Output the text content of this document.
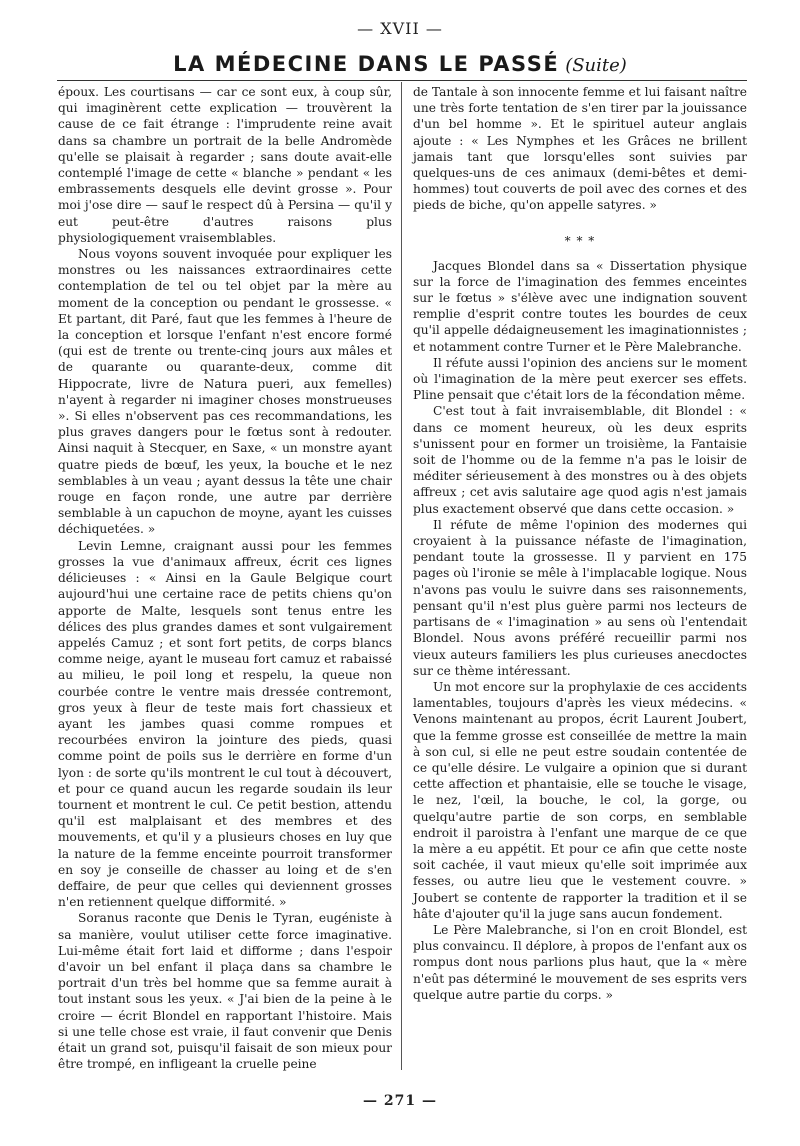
— XVII —
LA MÉDECINE DANS LE PASSÉ (Suite)

époux. Les courtisans — car ce sont eux, à coup sûr, qui imaginèrent cette explication — trouvèrent la cause de ce fait étrange : l'imprudente reine avait dans sa chambre un portrait de la belle Andromède qu'elle se plaisait à regarder ; sans doute avait-elle contemplé l'image de cette « blanche » pendant « les embrassements desquels elle devint grosse ». Pour moi j'ose dire — sauf le respect dû à Persina — qu'il y eut peut-être d'autres raisons plus physiologiquement vraisemblables.

Nous voyons souvent invoquée pour expliquer les monstres ou les naissances extraordinaires cette contemplation de tel ou tel objet par la mère au moment de la conception ou pendant le grossesse. « Et partant, dit Paré, faut que les femmes à l'heure de la conception et lorsque l'enfant n'est encore formé (qui est de trente ou trente-cinq jours aux mâles et de quarante ou quarante-deux, comme dit Hippocrate, livre de Natura pueri, aux femelles) n'ayent à regarder ni imaginer choses monstrueuses ». Si elles n'observent pas ces recommandations, les plus graves dangers pour le fœtus sont à redouter. Ainsi naquit à Stecquer, en Saxe, « un monstre ayant quatre pieds de bœuf, les yeux, la bouche et le nez semblables à un veau ; ayant dessus la tête une chair rouge en façon ronde, une autre par derrière semblable à un capuchon de moyne, ayant les cuisses déchiquetées. »

Levin Lemne, craignant aussi pour les femmes grosses la vue d'animaux affreux, écrit ces lignes délicieuses : « Ainsi en la Gaule Belgique court aujourd'hui une certaine race de petits chiens qu'on apporte de Malte, lesquels sont tenus entre les délices des plus grandes dames et sont vulgairement appelés Camuz ; et sont fort petits, de corps blancs comme neige, ayant le museau fort camuz et rabaissé au milieu, le poil long et respelu, la queue non courbée contre le ventre mais dressée contremont, gros yeux à fleur de teste mais fort chassieux et ayant les jambes quasi comme rompues et recourbées environ la jointure des pieds, quasi comme point de poils sus le derrière en forme d'un lyon : de sorte qu'ils montrent le cul tout à découvert, et pour ce quand aucun les regarde soudain ils leur tournent et montrent le cul. Ce petit bestion, attendu qu'il est malplaisant et des membres et des mouvements, et qu'il y a plusieurs choses en luy que la nature de la femme enceinte pourroit transformer en soy je conseille de chasser au loing et de s'en deffaire, de peur que celles qui deviennent grosses n'en retiennent quelque difformité. »

Soranus raconte que Denis le Tyran, eugéniste à sa manière, voulut utiliser cette force imaginative. Lui-même était fort laid et difforme ; dans l'espoir d'avoir un bel enfant il plaça dans sa chambre le portrait d'un très bel homme que sa femme aurait à tout instant sous les yeux. « J'ai bien de la peine à le croire — écrit Blondel en rapportant l'histoire. Mais si une telle chose est vraie, il faut convenir que Denis était un grand sot, puisqu'il faisait de son mieux pour être trompé, en infligeant la cruelle peine

de Tantale à son innocente femme et lui faisant naître une très forte tentation de s'en tirer par la jouissance d'un bel homme ». Et le spirituel auteur anglais ajoute : « Les Nymphes et les Grâces ne brillent jamais tant que lorsqu'elles sont suivies par quelques-uns de ces animaux (demi-bêtes et demi-hommes) tout couverts de poil avec des cornes et des pieds de biche, qu'on appelle satyres. »

⁎ ⁎ ⁎

Jacques Blondel dans sa « Dissertation physique sur la force de l'imagination des femmes enceintes sur le fœtus » s'élève avec une indignation souvent remplie d'esprit contre toutes les bourdes de ceux qu'il appelle dédaigneusement les imaginationnistes ; et notamment contre Turner et le Père Malebranche.

Il réfute aussi l'opinion des anciens sur le moment où l'imagination de la mère peut exercer ses effets. Pline pensait que c'était lors de la fécondation même.

C'est tout à fait invraisemblable, dit Blondel : « dans ce moment heureux, où les deux esprits s'unissent pour en former un troisième, la Fantaisie soit de l'homme ou de la femme n'a pas le loisir de méditer sérieusement à des monstres ou à des objets affreux ; cet avis salutaire age quod agis n'est jamais plus exactement observé que dans cette occasion. »

Il réfute de même l'opinion des modernes qui croyaient à la puissance néfaste de l'imagination, pendant toute la grossesse. Il y parvient en 175 pages où l'ironie se mêle à l'implacable logique. Nous n'avons pas voulu le suivre dans ses raisonnements, pensant qu'il n'est plus guère parmi nos lecteurs de partisans de « l'imagination » au sens où l'entendait Blondel. Nous avons préféré recueillir parmi nos vieux auteurs familiers les plus curieuses anecdoctes sur ce thème intéressant.

Un mot encore sur la prophylaxie de ces accidents lamentables, toujours d'après les vieux médecins. « Venons maintenant au propos, écrit Laurent Joubert, que la femme grosse est conseillée de mettre la main à son cul, si elle ne peut estre soudain contentée de ce qu'elle désire. Le vulgaire a opinion que si durant cette affection et phantaisie, elle se touche le visage, le nez, l'œil, la bouche, le col, la gorge, ou quelqu'autre partie de son corps, en semblable endroit il paroistra à l'enfant une marque de ce que la mère a eu appétit. Et pour ce afin que cette noste soit cachée, il vaut mieux qu'elle soit imprimée aux fesses, ou autre lieu que le vestement couvre. » Joubert se contente de rapporter la tradition et il se hâte d'ajouter qu'il la juge sans aucun fondement.

Le Père Malebranche, si l'on en croit Blondel, est plus convaincu. Il déplore, à propos de l'enfant aux os rompus dont nous parlions plus haut, que la « mère n'eût pas déterminé le mouvement de ses esprits vers quelque autre partie du corps. »

— 271 —
